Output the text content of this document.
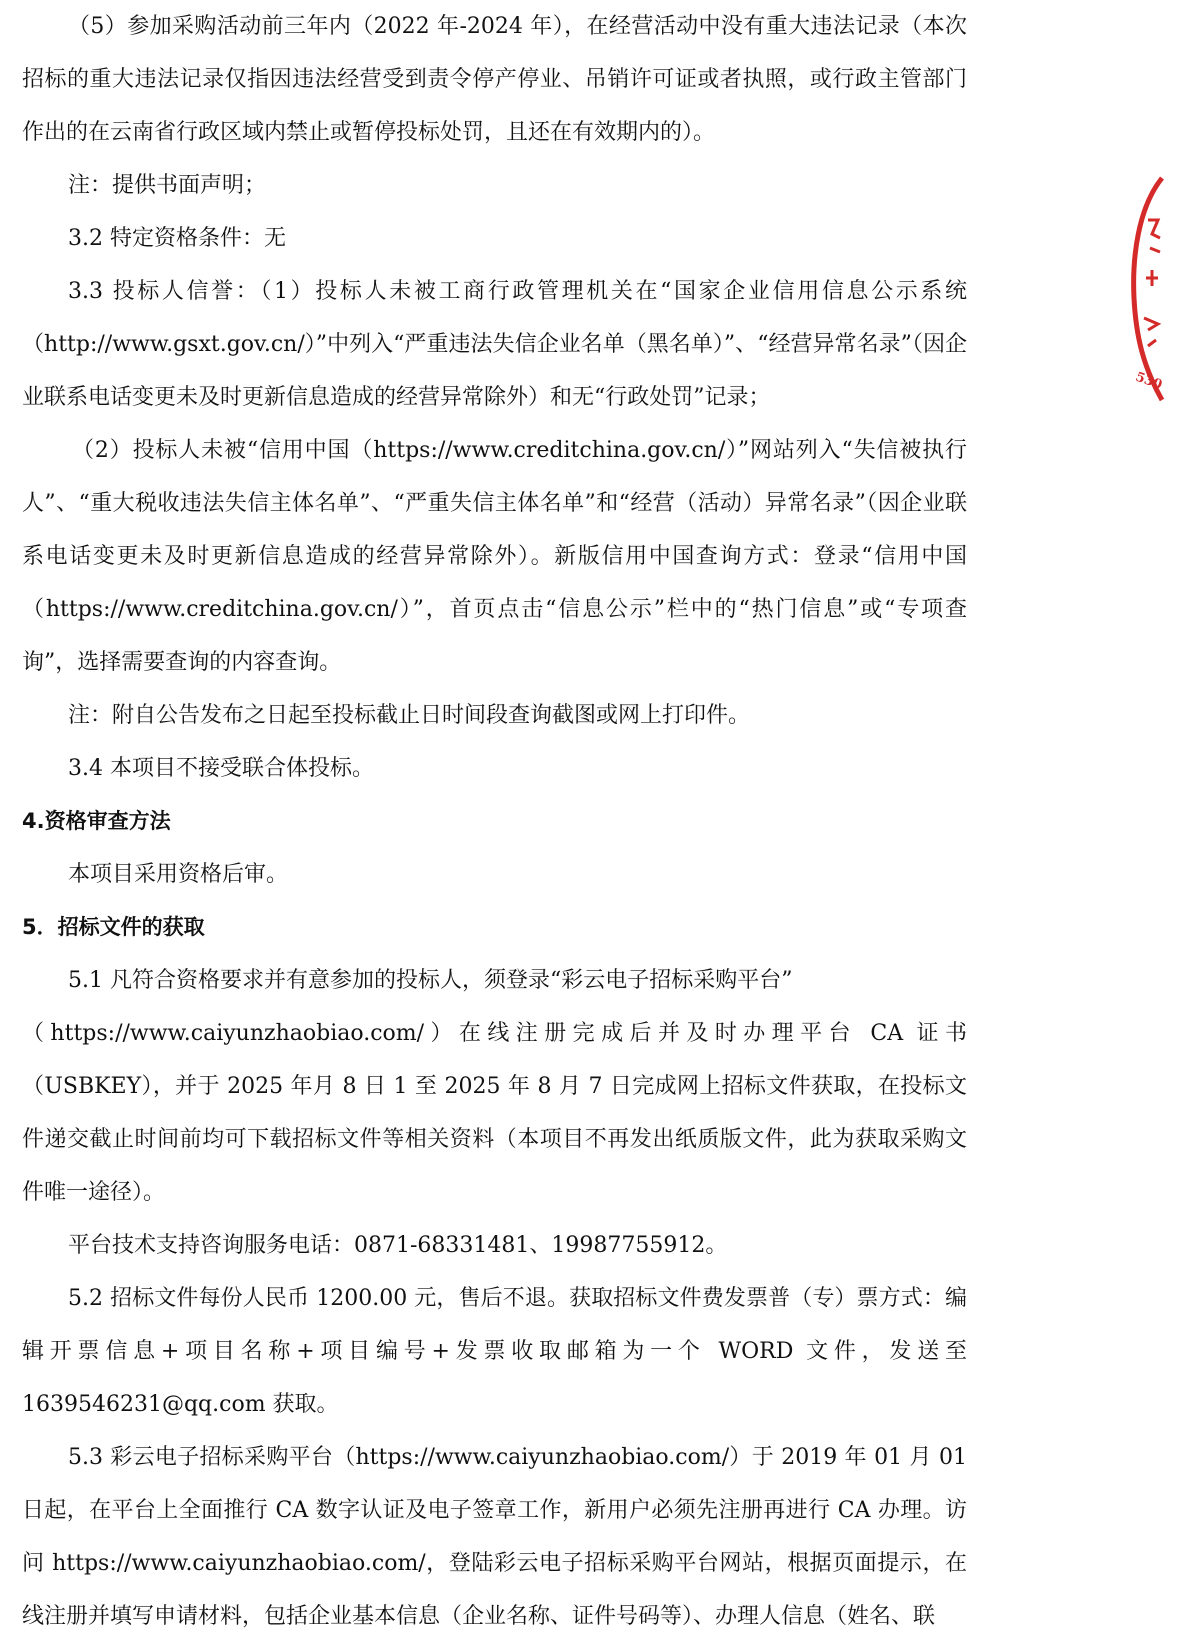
（5）参加采购活动前三年内（2022 年-2024 年），在经营活动中没有重大违法记录（本次招标的重大违法记录仅指因违法经营受到责令停产停业、吊销许可证或者执照，或行政主管部门作出的在云南省行政区域内禁止或暂停投标处罚，且还在有效期内的）。

注：提供书面声明；

3.2 特定资格条件：无

3.3 投标人信誉：（1）投标人未被工商行政管理机关在“国家企业信用信息公示系统（http://www.gsxt.gov.cn/）”中列入“严重违法失信企业名单（黑名单）”、“经营异常名录”（因企业联系电话变更未及时更新信息造成的经营异常除外）和无“行政处罚”记录；

（2）投标人未被“信用中国（https://www.creditchina.gov.cn/）”网站列入“失信被执行人”、“重大税收违法失信主体名单”、“严重失信主体名单”和“经营（活动）异常名录”（因企业联系电话变更未及时更新信息造成的经营异常除外）。新版信用中国查询方式：登录“信用中国（https://www.creditchina.gov.cn/）”，首页点击“信息公示”栏中的“热门信息”或“专项查询”，选择需要查询的内容查询。

注：附自公告发布之日起至投标截止日时间段查询截图或网上打印件。

3.4 本项目不接受联合体投标。

4.资格审查方法

本项目采用资格后审。

5．招标文件的获取

5.1 凡符合资格要求并有意参加的投标人，须登录“彩云电子招标采购平台”

（https://www.caiyunzhaobiao.com/）在线注册完成后并及时办理平台 CA 证书（USBKEY），并于 2025 年月 8 日 1 至 2025 年 8 月 7 日完成网上招标文件获取，在投标文件递交截止时间前均可下载招标文件等相关资料（本项目不再发出纸质版文件，此为获取采购文件唯一途径）。

平台技术支持咨询服务电话：0871-68331481、19987755912。

5.2 招标文件每份人民币 1200.00 元，售后不退。获取招标文件费发票普（专）票方式：编辑开票信息+项目名称+项目编号+发票收取邮箱为一个 WORD 文件，发送至1639546231@qq.com 获取。

5.3 彩云电子招标采购平台（https://www.caiyunzhaobiao.com/）于 2019 年 01 月 01 日起，在平台上全面推行 CA 数字认证及电子签章工作，新用户必须先注册再进行 CA 办理。访问 https://www.caiyunzhaobiao.com/，登陆彩云电子招标采购平台网站，根据页面提示，在线注册并填写申请材料，包括企业基本信息（企业名称、证件号码等）、办理人信息（姓名、联

530
